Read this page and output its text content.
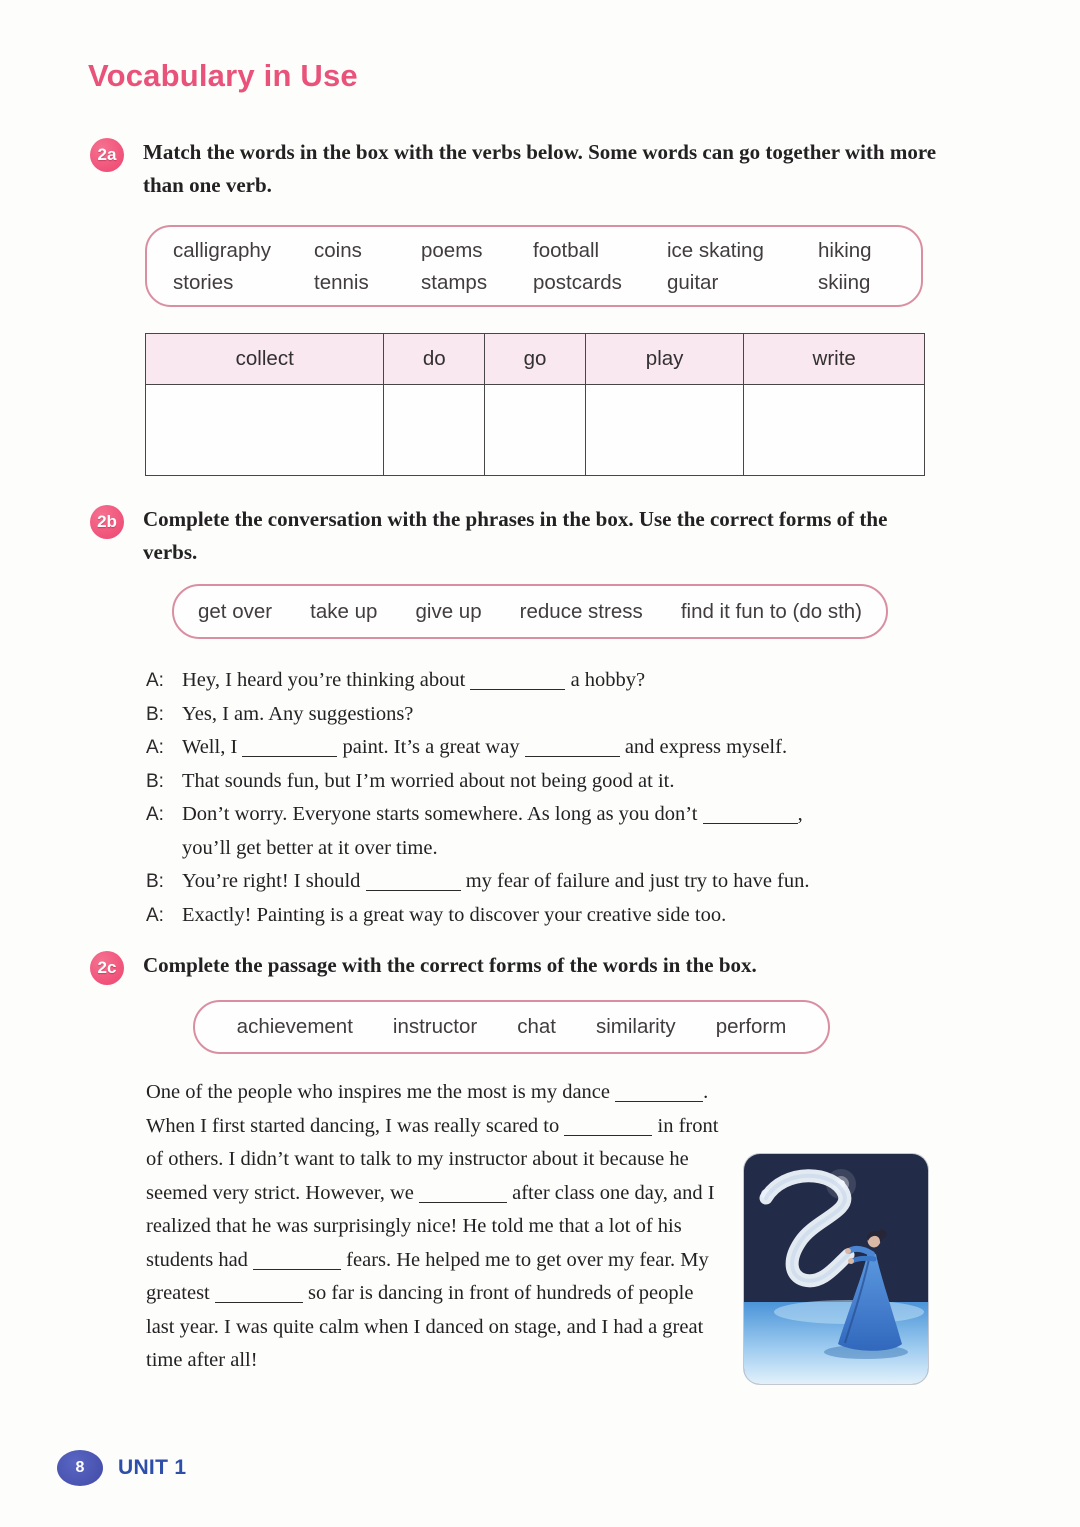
Vocabulary in Use
2a	Match the words in the box with the verbs below. Some words can go together with more than one verb.
calligraphy	coins	poems	football	ice skating	hiking
stories	tennis	stamps	postcards	guitar	skiing
collect	do	go	play	write

2b	Complete the conversation with the phrases in the box. Use the correct forms of the verbs.
get over take up give up reduce stress find it fun to (do sth)
A: Hey, I heard you’re thinking about	a hobby?
B: Yes, I am. Any suggestions?
A: Well, I	paint. It’s a great way	and express myself.
B: That sounds fun, but I’m worried about not being good at it.
A: Don’t worry. Everyone starts somewhere. As long as you don’t	,
you’ll get better at it over time.
B: You’re right! I should	my fear of failure and just try to have fun.
A: Exactly! Painting is a great way to discover your creative side too.
2c	Complete the passage with the correct forms of the words in the box.
achievement instructor chat similarity perform
One of the people who inspires me the most is my dance	. When I first started dancing, I was really scared to	in front of others. I didn’t want to talk to my instructor about it because he seemed very strict. However, we	after class one day, and I realized that he was surprisingly nice! He told me that a lot of his students had	fears. He helped me to get over my fear. My greatest	so far is dancing in front of hundreds of people last year. I was quite calm when I danced on stage, and I had a great time after all!
8	UNIT 1
